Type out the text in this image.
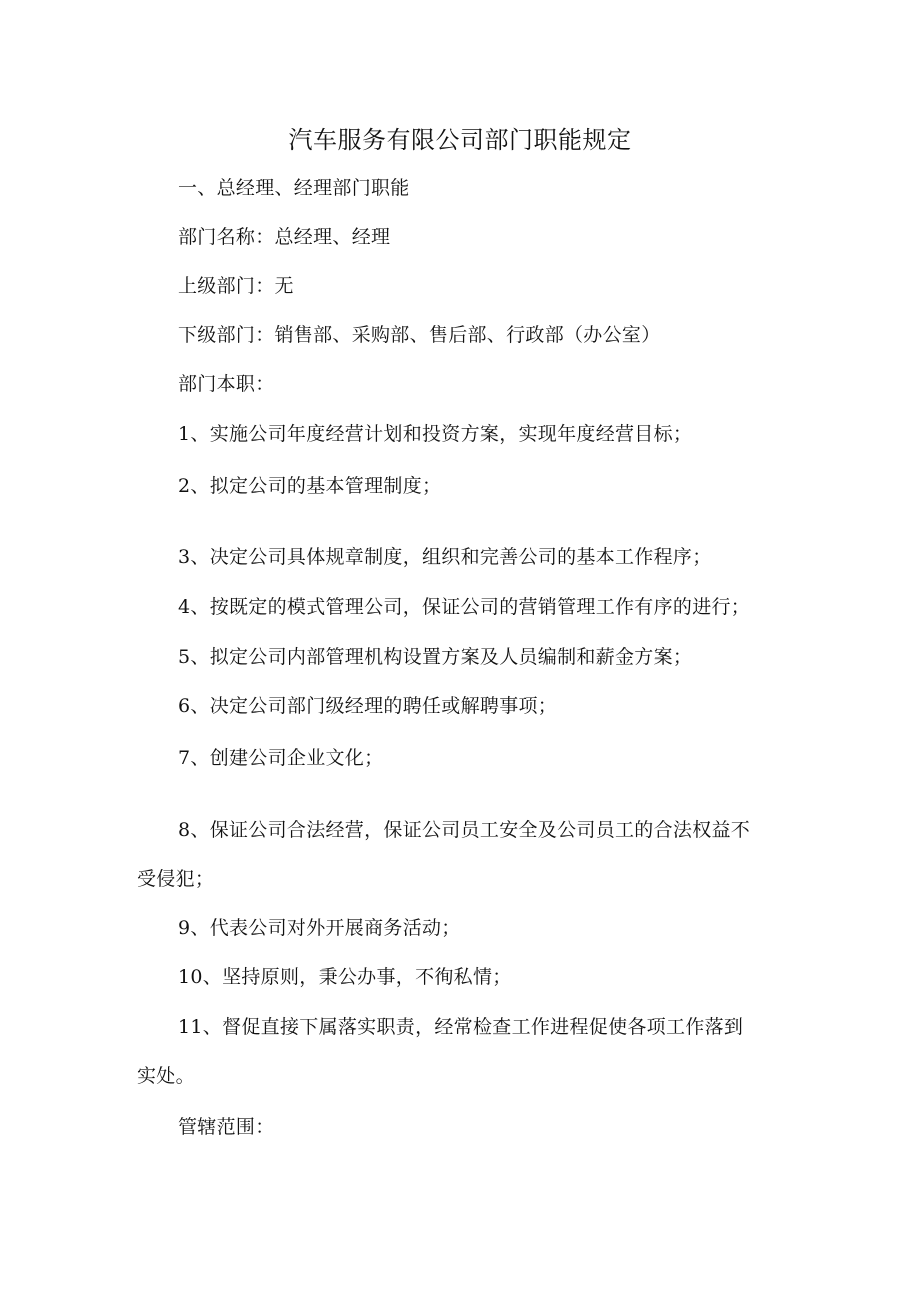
汽车服务有限公司部门职能规定
一、总经理、经理部门职能
部门名称：总经理、经理
上级部门：无
下级部门：销售部、采购部、售后部、行政部（办公室）
部门本职：
1、实施公司年度经营计划和投资方案，实现年度经营目标；
2、拟定公司的基本管理制度；
3、决定公司具体规章制度，组织和完善公司的基本工作程序；
4、按既定的模式管理公司，保证公司的营销管理工作有序的进行；
5、拟定公司内部管理机构设置方案及人员编制和薪金方案；
6、决定公司部门级经理的聘任或解聘事项；
7、创建公司企业文化；
8、保证公司合法经营，保证公司员工安全及公司员工的合法权益不
受侵犯；
9、代表公司对外开展商务活动；
10、坚持原则，秉公办事，不徇私情；
11、督促直接下属落实职责，经常检查工作进程促使各项工作落到
实处。
管辖范围：
